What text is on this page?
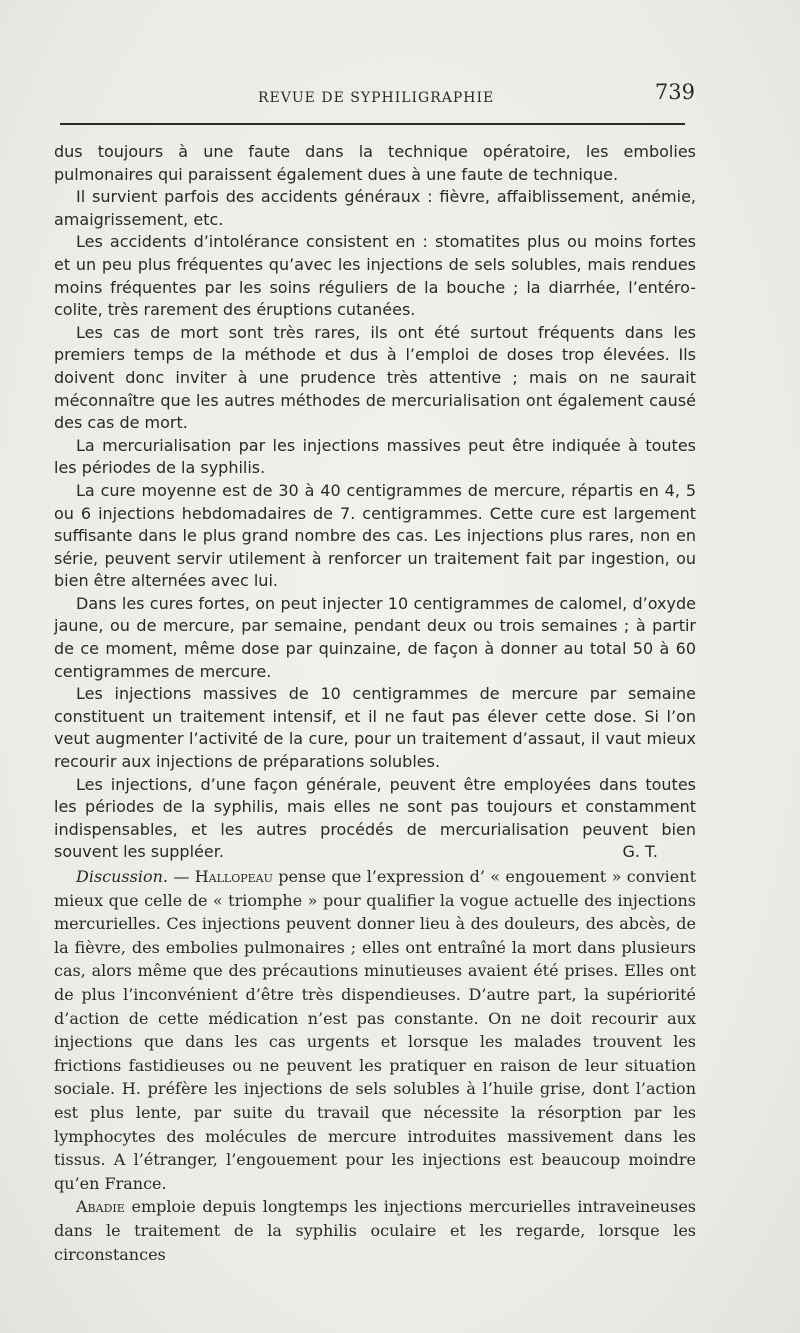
REVUE DE SYPHILIGRAPHIE	739

dus toujours à une faute dans la technique opératoire, les embolies pulmonaires qui paraissent également dues à une faute de technique.

Il survient parfois des accidents généraux : fièvre, affaiblissement, anémie, amaigrissement, etc.

Les accidents d’intolérance consistent en : stomatites plus ou moins fortes et un peu plus fréquentes qu’avec les injections de sels solubles, mais rendues moins fréquentes par les soins réguliers de la bouche ; la diarrhée, l’entéro-colite, très rarement des éruptions cutanées.

Les cas de mort sont très rares, ils ont été surtout fréquents dans les premiers temps de la méthode et dus à l’emploi de doses trop élevées. Ils doivent donc inviter à une prudence très attentive ; mais on ne saurait méconnaître que les autres méthodes de mercurialisation ont également causé des cas de mort.

La mercurialisation par les injections massives peut être indiquée à toutes les périodes de la syphilis.

La cure moyenne est de 30 à 40 centigrammes de mercure, répartis en 4, 5 ou 6 injections hebdomadaires de 7. centigrammes. Cette cure est largement suffisante dans le plus grand nombre des cas. Les injections plus rares, non en série, peuvent servir utilement à renforcer un traitement fait par ingestion, ou bien être alternées avec lui.

Dans les cures fortes, on peut injecter 10 centigrammes de calomel, d’oxyde jaune, ou de mercure, par semaine, pendant deux ou trois semaines ; à partir de ce moment, même dose par quinzaine, de façon à donner au total 50 à 60 centigrammes de mercure.

Les injections massives de 10 centigrammes de mercure par semaine constituent un traitement intensif, et il ne faut pas élever cette dose. Si l’on veut augmenter l’activité de la cure, pour un traitement d’assaut, il vaut mieux recourir aux injections de préparations solubles.

Les injections, d’une façon générale, peuvent être employées dans toutes les périodes de la syphilis, mais elles ne sont pas toujours et constamment indispensables, et les autres procédés de mercurialisation peuvent bien souvent les suppléer.	G. T.

Discussion. — Hallopeau pense que l’expression d’ « engouement » convient mieux que celle de « triomphe » pour qualifier la vogue actuelle des injections mercurielles. Ces injections peuvent donner lieu à des douleurs, des abcès, de la fièvre, des embolies pulmonaires ; elles ont entraîné la mort dans plusieurs cas, alors même que des précautions minutieuses avaient été prises. Elles ont de plus l’inconvénient d’être très dispendieuses. D’autre part, la supériorité d’action de cette médication n’est pas constante. On ne doit recourir aux injections que dans les cas urgents et lorsque les malades trouvent les frictions fastidieuses ou ne peuvent les pratiquer en raison de leur situation sociale. H. préfère les injections de sels solubles à l’huile grise, dont l’action est plus lente, par suite du travail que nécessite la résorption par les lymphocytes des molécules de mercure introduites massivement dans les tissus. A l’étranger, l’engouement pour les injections est beaucoup moindre qu’en France.

Abadie emploie depuis longtemps les injections mercurielles intraveineuses dans le traitement de la syphilis oculaire et les regarde, lorsque les circonstances
